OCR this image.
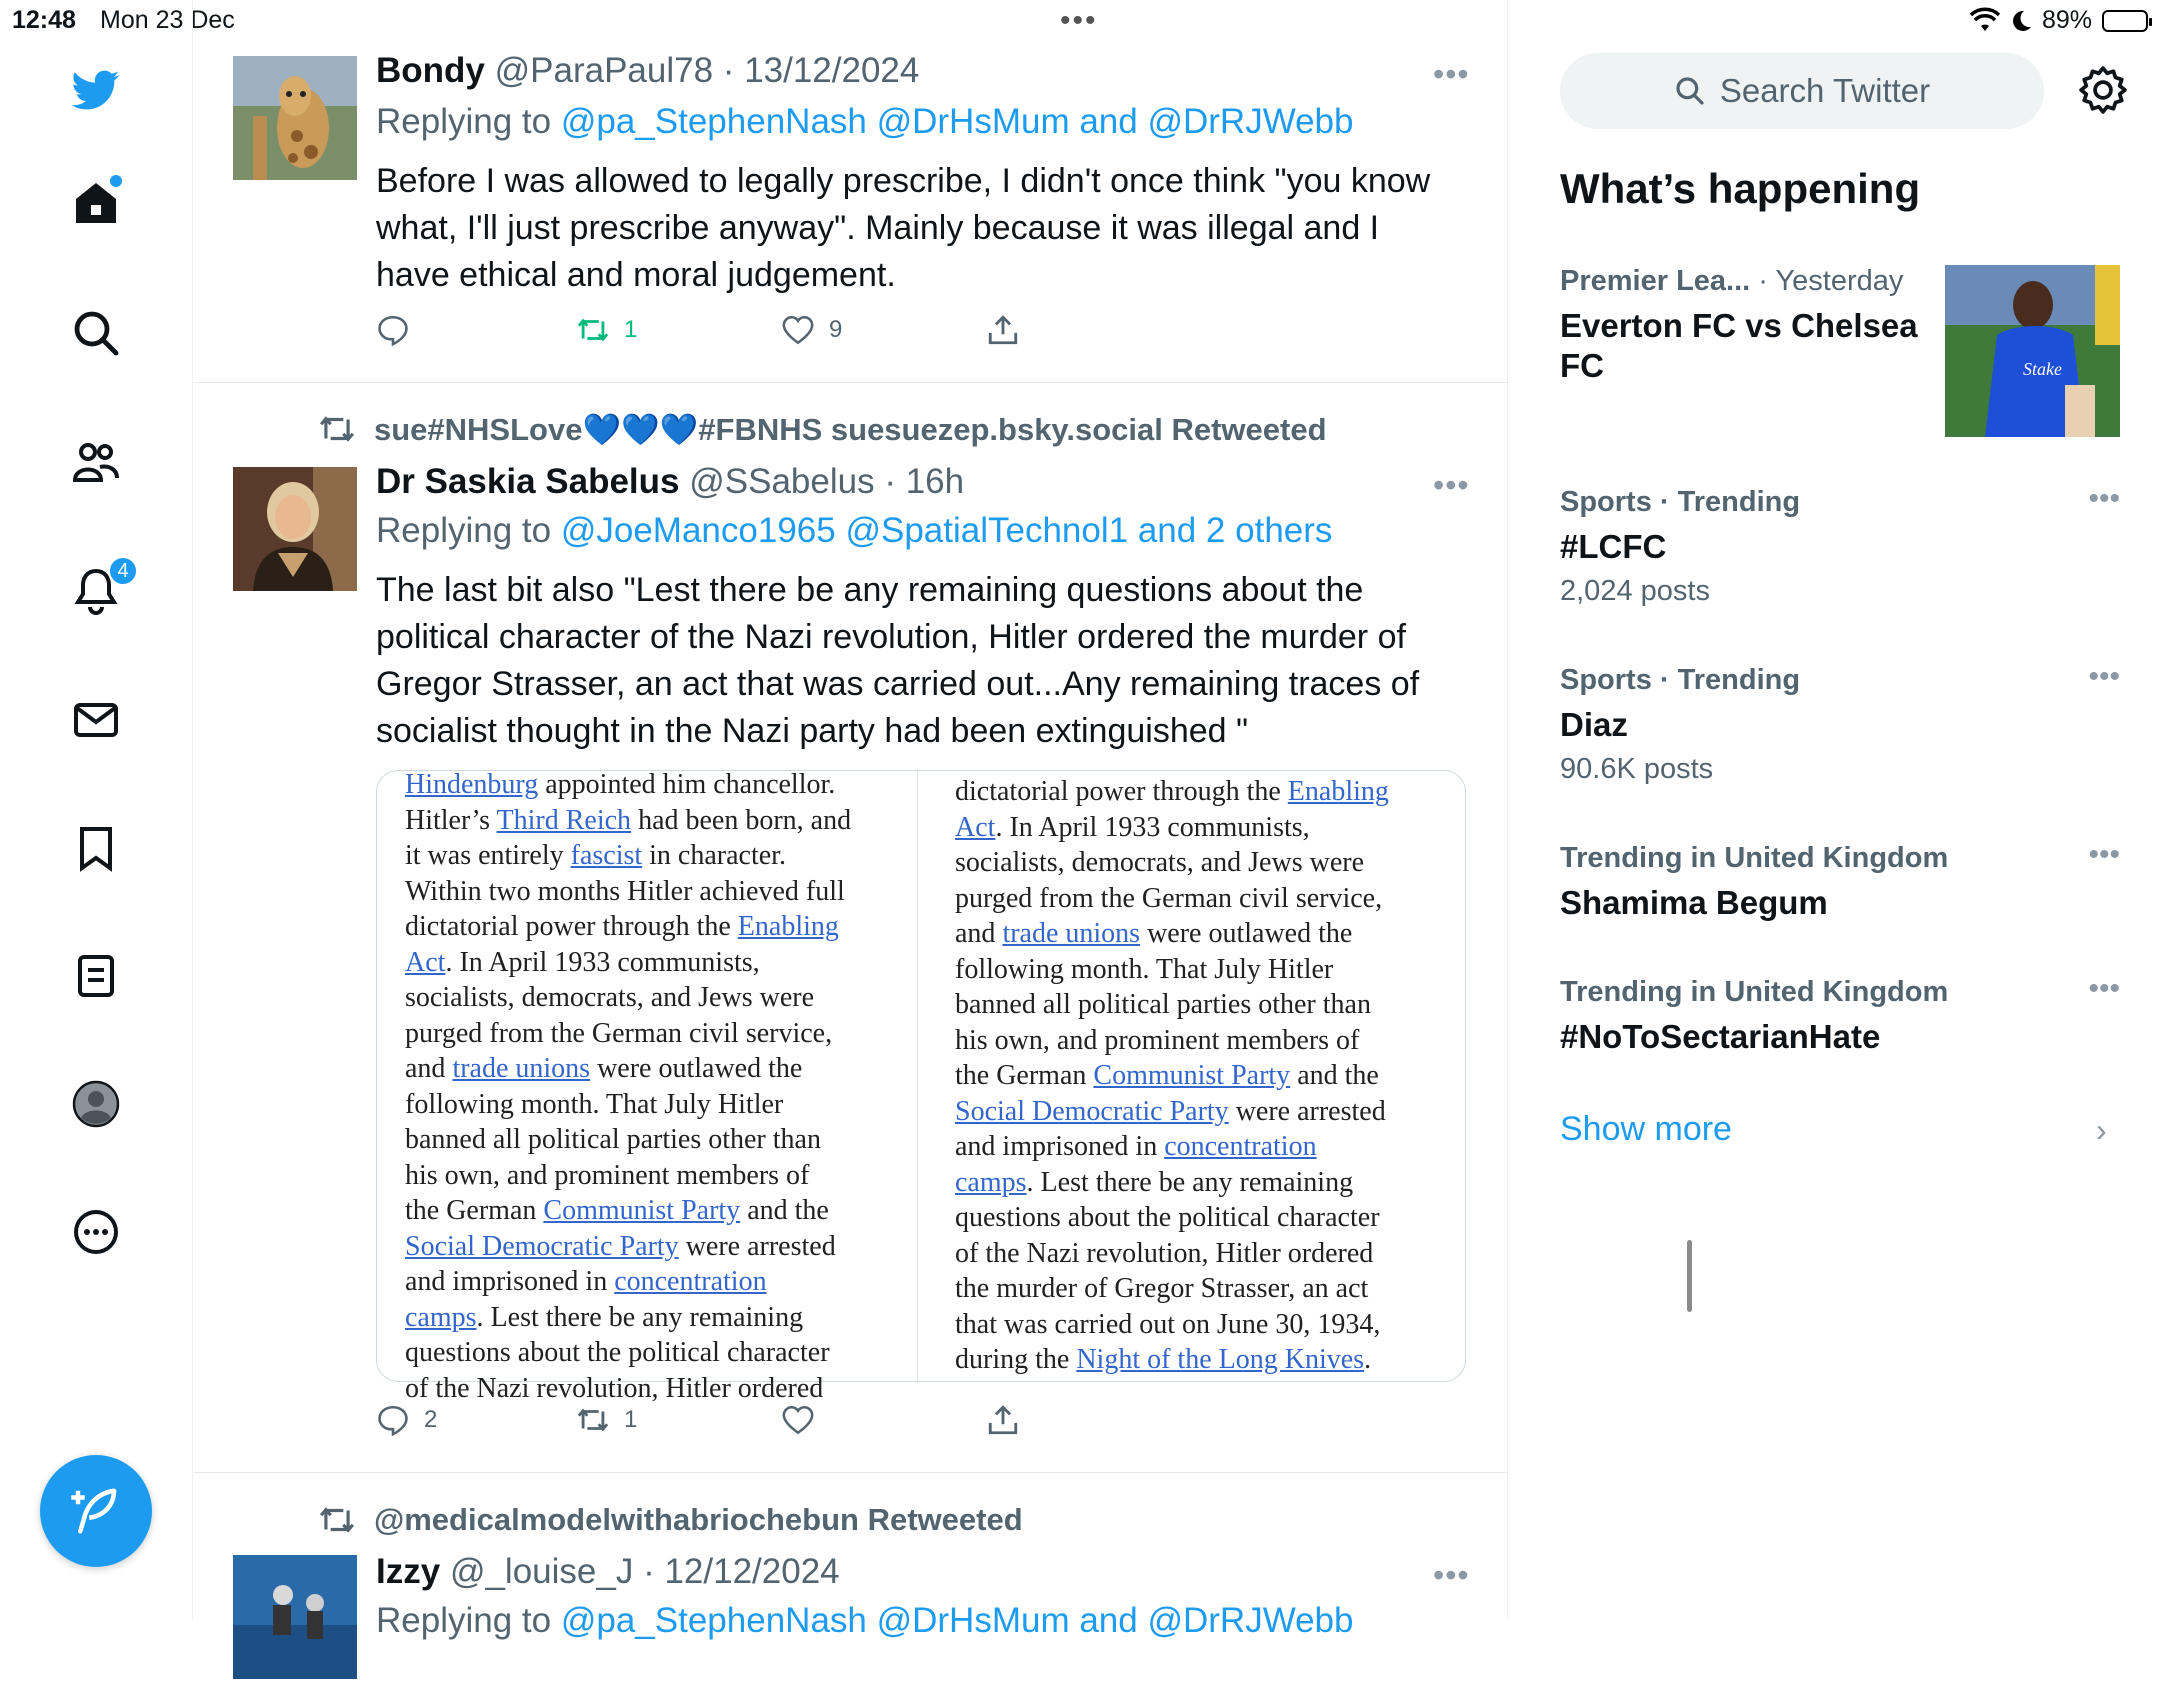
12:48 Mon 23 Dec	•••	89%
4
Bondy @ParaPaul78 · 13/12/2024	•••
Replying to @pa_StephenNash @DrHsMum and @DrRJWebb
Before I was allowed to legally prescribe, I didn't once think "you know what, I'll just prescribe anyway". Mainly because it was illegal and I have ethical and moral judgement.
1	9
sue#NHSLove💙💙💙#FBNHS suesuezep.bsky.social Retweeted
Dr Saskia Sabelus @SSabelus · 16h	•••
Replying to @JoeManco1965 @SpatialTechnol1 and 2 others
The last bit also "Lest there be any remaining questions about the political character of the Nazi revolution, Hitler ordered the murder of Gregor Strasser, an act that was carried out...Any remaining traces of socialist thought in the Nazi party had been extinguished "
Hindenburg appointed him chancellor.
Hitler’s Third Reich had been born, and
it was entirely fascist in character.
Within two months Hitler achieved full
dictatorial power through the Enabling
Act. In April 1933 communists,
socialists, democrats, and Jews were
purged from the German civil service,
and trade unions were outlawed the
following month. That July Hitler
banned all political parties other than
his own, and prominent members of
the German Communist Party and the
Social Democratic Party were arrested
and imprisoned in concentration
camps. Lest there be any remaining
questions about the political character
of the Nazi revolution, Hitler ordered
dictatorial power through the Enabling
Act. In April 1933 communists,
socialists, democrats, and Jews were
purged from the German civil service,
and trade unions were outlawed the
following month. That July Hitler
banned all political parties other than
his own, and prominent members of
the German Communist Party and the
Social Democratic Party were arrested
and imprisoned in concentration
camps. Lest there be any remaining
questions about the political character
of the Nazi revolution, Hitler ordered
the murder of Gregor Strasser, an act
that was carried out on June 30, 1934,
during the Night of the Long Knives.
2	1
@medicalmodelwithabriochebun Retweeted
Izzy @_louise_J · 12/12/2024	•••
Replying to @pa_StephenNash @DrHsMum and @DrRJWebb
Search Twitter
What’s happening
Premier Lea... · Yesterday
Everton FC vs Chelsea FC	Stake
Sports · Trending
#LCFC
2,024 posts
•••
Sports · Trending
Diaz
90.6K posts
•••
Trending in United Kingdom
Shamima Begum
•••
Trending in United Kingdom
#NoToSectarianHate
•••
Show more	›
